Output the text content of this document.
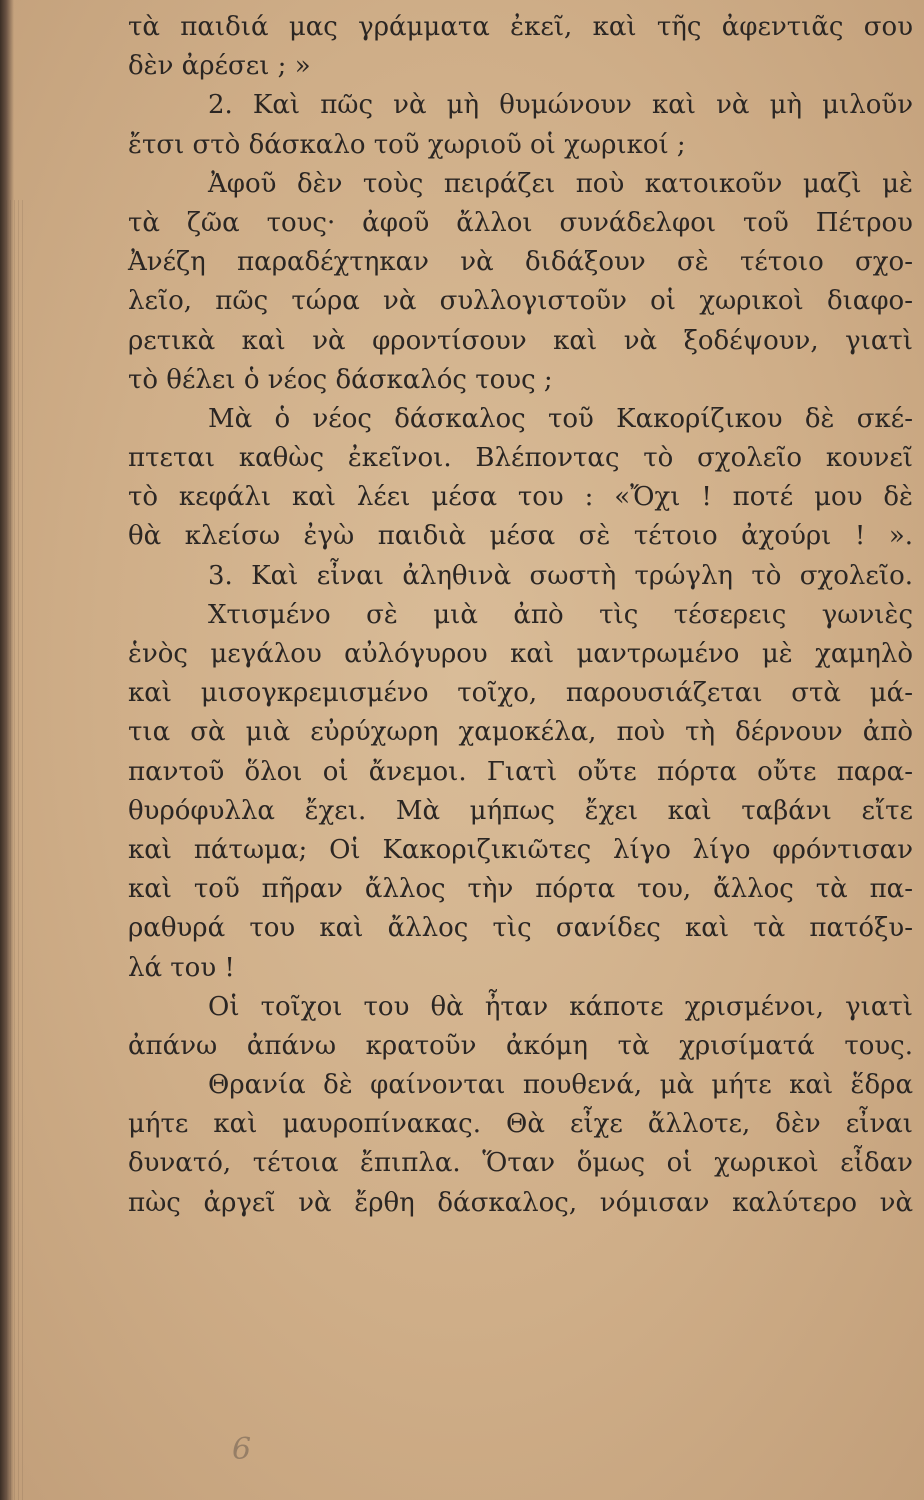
τὰ παιδιά μας γράμματα ἐκεῖ, καὶ τῆς ἀφεντιᾶς σου
δὲν ἀρέσει ; »
2. Καὶ πῶς νὰ μὴ θυμώνουν καὶ νὰ μὴ μιλοῦν
ἔτσι στὸ δάσκαλο τοῦ χωριοῦ οἱ χωρικοί ;
Ἀφοῦ δὲν τοὺς πειράζει ποὺ κατοικοῦν μαζὶ μὲ
τὰ ζῶα τους· ἀφοῦ ἄλλοι συνάδελφοι τοῦ Πέτρου
Ἀνέζη παραδέχτηκαν νὰ διδάξουν σὲ τέτοιο σχο-
λεῖο, πῶς τώρα νὰ συλλογιστοῦν οἱ χωρικοὶ διαφο-
ρετικὰ καὶ νὰ φροντίσουν καὶ νὰ ξοδέψουν, γιατὶ
τὸ θέλει ὁ νέος δάσκαλός τους ;
Μὰ ὁ νέος δάσκαλος τοῦ Κακορίζικου δὲ σκέ-
πτεται καθὼς ἐκεῖνοι. Βλέποντας τὸ σχολεῖο κουνεῖ
τὸ κεφάλι καὶ λέει μέσα του : «Ὄχι ! ποτέ μου δὲ
θὰ κλείσω ἐγὼ παιδιὰ μέσα σὲ τέτοιο ἀχούρι ! ».
3. Καὶ εἶναι ἀληθινὰ σωστὴ τρώγλη τὸ σχολεῖο.
Χτισμένο σὲ μιὰ ἀπὸ τὶς τέσερεις γωνιὲς
ἑνὸς μεγάλου αὐλόγυρου καὶ μαντρωμένο μὲ χαμηλὸ
καὶ μισογκρεμισμένο τοῖχο, παρουσιάζεται στὰ μά-
τια σὰ μιὰ εὐρύχωρη χαμοκέλα, ποὺ τὴ δέρνουν ἀπὸ
παντοῦ ὅλοι οἱ ἄνεμοι. Γιατὶ οὔτε πόρτα οὔτε παρα-
θυρόφυλλα ἔχει. Μὰ μήπως ἔχει καὶ ταβάνι εἴτε
καὶ πάτωμα; Οἱ Κακοριζικιῶτες λίγο λίγο φρόντισαν
καὶ τοῦ πῆραν ἄλλος τὴν πόρτα του, ἄλλος τὰ πα-
ραθυρά του καὶ ἄλλος τὶς σανίδες καὶ τὰ πατόξυ-
λά του !
Οἱ τοῖχοι του θὰ ἦταν κάποτε χρισμένοι, γιατὶ
ἀπάνω ἀπάνω κρατοῦν ἀκόμη τὰ χρισίματά τους.
Θρανία δὲ φαίνονται πουθενά, μὰ μήτε καὶ ἕδρα
μήτε καὶ μαυροπίνακας. Θὰ εἶχε ἄλλοτε, δὲν εἶναι
δυνατό, τέτοια ἔπιπλα. Ὅταν ὅμως οἱ χωρικοὶ εἶδαν
πὼς ἀργεῖ νὰ ἔρθη δάσκαλος, νόμισαν καλύτερο νὰ
6
